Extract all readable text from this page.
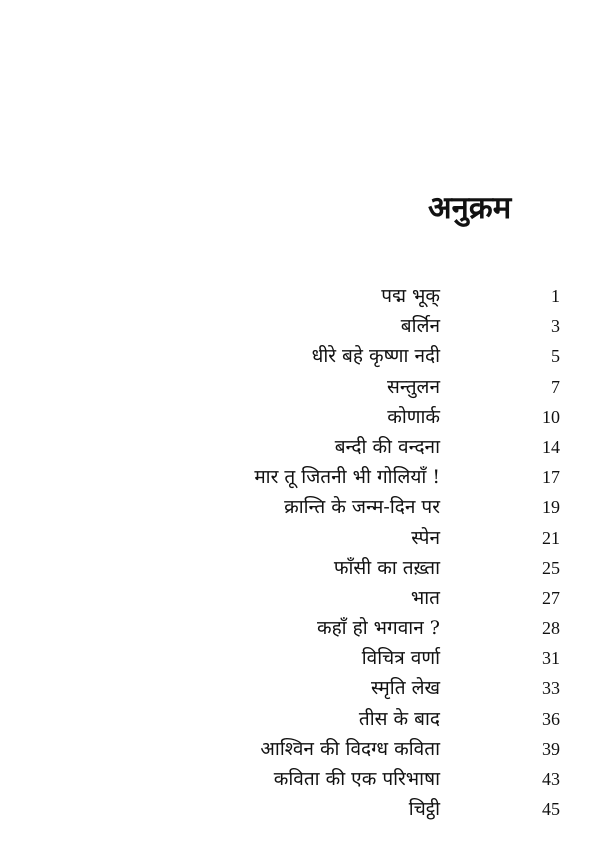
अनुक्रम
पद्म भूक्	1
बर्लिन	3
धीरे बहे कृष्णा नदी	5
सन्तुलन	7
कोणार्क	10
बन्दी की वन्दना	14
मार तू जितनी भी गोलियाँ !	17
क्रान्ति के जन्म-दिन पर	19
स्पेन	21
फाँसी का तख़्ता	25
भात	27
कहाँ हो भगवान ?	28
विचित्र वर्णा	31
स्मृति लेख	33
तीस के बाद	36
आश्विन की विदग्ध कविता	39
कविता की एक परिभाषा	43
चिट्ठी	45
